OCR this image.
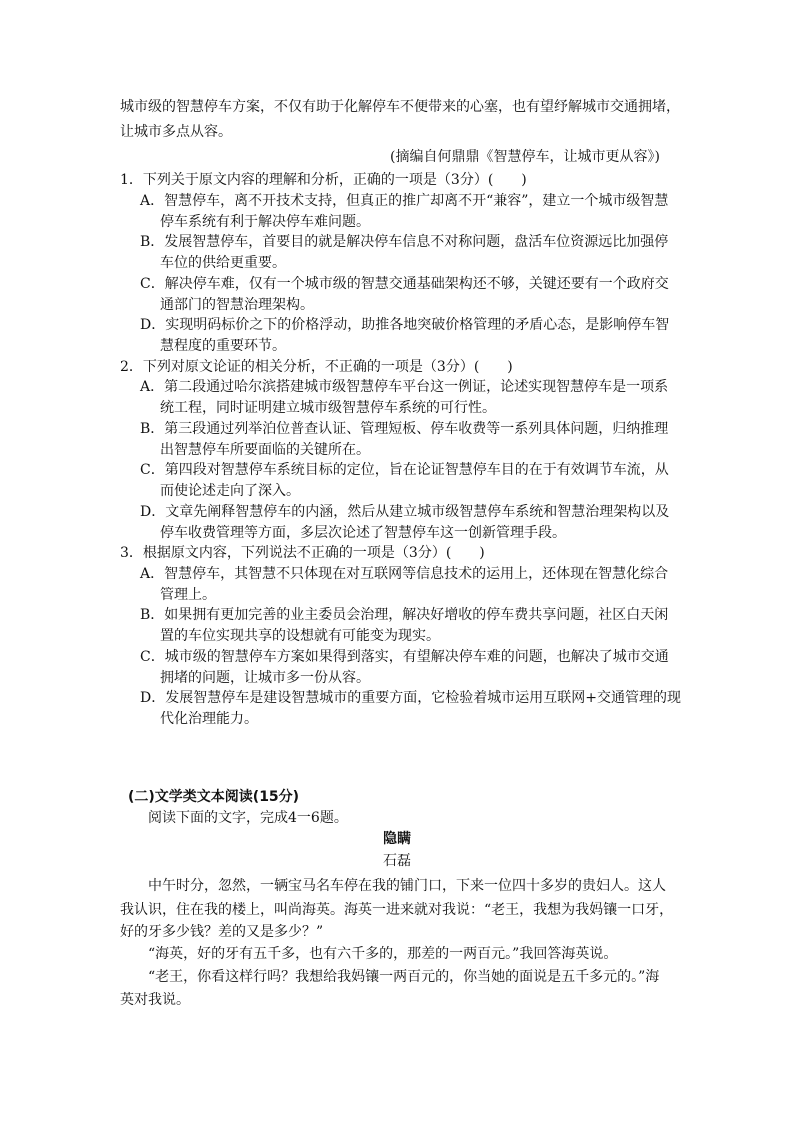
城市级的智慧停车方案，不仅有助于化解停车不便带来的心塞，也有望纾解城市交通拥堵，
让城市多点从容。
(摘编自何鼎鼎《智慧停车，让城市更从容》)
1．下列关于原文内容的理解和分析，正确的一项是（3分）(　　)
A．智慧停车，离不开技术支持，但真正的推广却离不开“兼容”，建立一个城市级智慧
停车系统有利于解决停车难问题。
B．发展智慧停车，首要目的就是解决停车信息不对称问题，盘活车位资源远比加强停
车位的供给更重要。
C．解决停车难，仅有一个城市级的智慧交通基础架构还不够，关键还要有一个政府交
通部门的智慧治理架构。
D．实现明码标价之下的价格浮动，助推各地突破价格管理的矛盾心态，是影响停车智
慧程度的重要环节。
2．下列对原文论证的相关分析，不正确的一项是（3分）(　　)
A．第二段通过哈尔滨搭建城市级智慧停车平台这一例证，论述实现智慧停车是一项系
统工程，同时证明建立城市级智慧停车系统的可行性。
B．第三段通过列举泊位普查认证、管理短板、停车收费等一系列具体问题，归纳推理
出智慧停车所要面临的关键所在。
C．第四段对智慧停车系统目标的定位，旨在论证智慧停车目的在于有效调节车流，从
而使论述走向了深入。
D．文章先阐释智慧停车的内涵，然后从建立城市级智慧停车系统和智慧治理架构以及
停车收费管理等方面，多层次论述了智慧停车这一创新管理手段。
3．根据原文内容，下列说法不正确的一项是（3分）(　　)
A．智慧停车，其智慧不只体现在对互联网等信息技术的运用上，还体现在智慧化综合
管理上。
B．如果拥有更加完善的业主委员会治理，解决好增收的停车费共享问题，社区白天闲
置的车位实现共享的设想就有可能变为现实。
C．城市级的智慧停车方案如果得到落实，有望解决停车难的问题，也解决了城市交通
拥堵的问题，让城市多一份从容。
D．发展智慧停车是建设智慧城市的重要方面，它检验着城市运用互联网+交通管理的现
代化治理能力。
(二)文学类文本阅读(15分)
阅读下面的文字，完成4一6题。
隐瞒
石磊
中午时分，忽然，一辆宝马名车停在我的铺门口，下来一位四十多岁的贵妇人。这人
我认识，住在我的楼上，叫尚海英。海英一进来就对我说：“老王，我想为我妈镶一口牙，
好的牙多少钱？差的又是多少？”
“海英，好的牙有五千多，也有六千多的，那差的一两百元。”我回答海英说。
“老王，你看这样行吗？我想给我妈镶一两百元的，你当她的面说是五千多元的。”海
英对我说。
